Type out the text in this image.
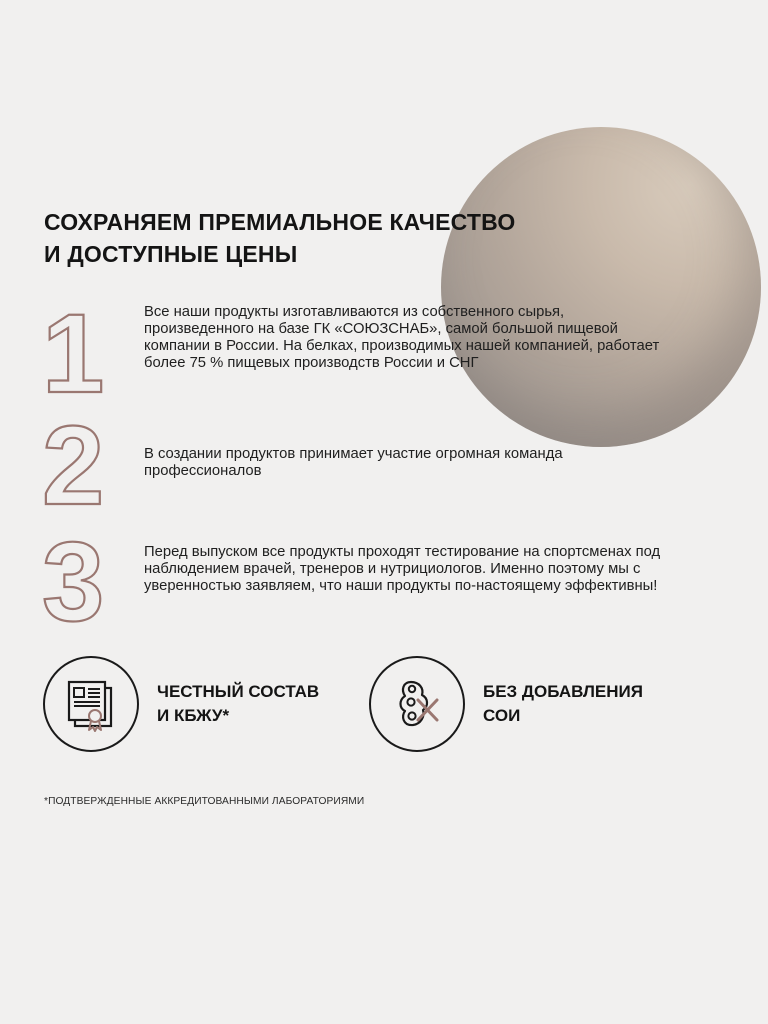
СОХРАНЯЕМ ПРЕМИАЛЬНОЕ КАЧЕСТВО
И ДОСТУПНЫЕ ЦЕНЫ
1	Все наши продукты изготавливаются из собственного сырья, произведенного на базе ГК «СОЮЗСНАБ», самой большой пищевой компании в России. На белках, производимых нашей компанией, работает более 75 % пищевых производств России и СНГ

2	В создании продуктов принимает участие огромная команда профессионалов

3	Перед выпуском все продукты проходят тестирование на спортсменах под наблюдением врачей, тренеров и нутрициологов. Именно поэтому мы с уверенностью заявляем, что наши продукты по-настоящему эффективны!

ЧЕСТНЫЙ СОСТАВ
И КБЖУ*
БЕЗ ДОБАВЛЕНИЯ
СОИ

*ПОДТВЕРЖДЕННЫЕ АККРЕДИТОВАННЫМИ ЛАБОРАТОРИЯМИ
